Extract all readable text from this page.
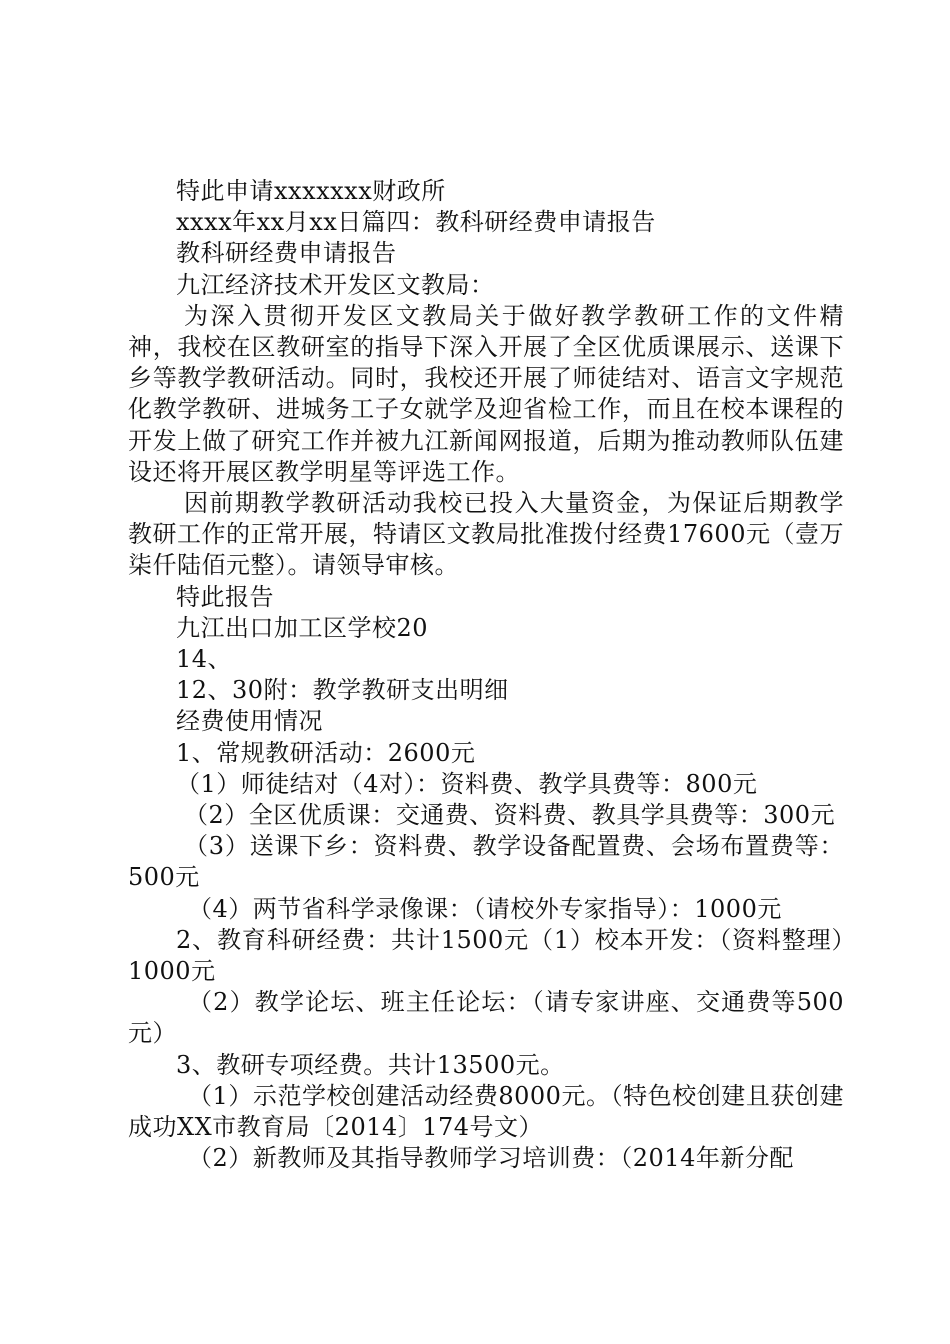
特此申请xxxxxxx财政所
xxxx年xx月xx日篇四：教科研经费申请报告
教科研经费申请报告
九江经济技术开发区文教局：

为深入贯彻开发区文教局关于做好教学教研工作的文件精神，我校在区教研室的指导下深入开展了全区优质课展示、送课下乡等教学教研活动。同时，我校还开展了师徒结对、语言文字规范化教学教研、进城务工子女就学及迎省检工作，而且在校本课程的开发上做了研究工作并被九江新闻网报道，后期为推动教师队伍建设还将开展区教学明星等评选工作。

因前期教学教研活动我校已投入大量资金，为保证后期教学教研工作的正常开展，特请区文教局批准拨付经费17600元（壹万柒仟陆佰元整）。请领导审核。

特此报告
九江出口加工区学校20
14、
12、30附：教学教研支出明细
经费使用情况
1、常规教研活动：2600元
（1）师徒结对（4对）：资料费、教学具费等：800元

（2）全区优质课：交通费、资料费、教具学具费等：300元

（3）送课下乡：资料费、教学设备配置费、会场布置费等：500元

（4）两节省科学录像课：（请校外专家指导）：1000元

2、教育科研经费：共计1500元（1）校本开发：（资料整理）1000元

（2）教学论坛、班主任论坛：（请专家讲座、交通费等500元）

3、教研专项经费。共计13500元。

（1）示范学校创建活动经费8000元。（特色校创建且获创建成功XX市教育局〔2014〕174号文）

（2）新教师及其指导教师学习培训费：（2014年新分配
